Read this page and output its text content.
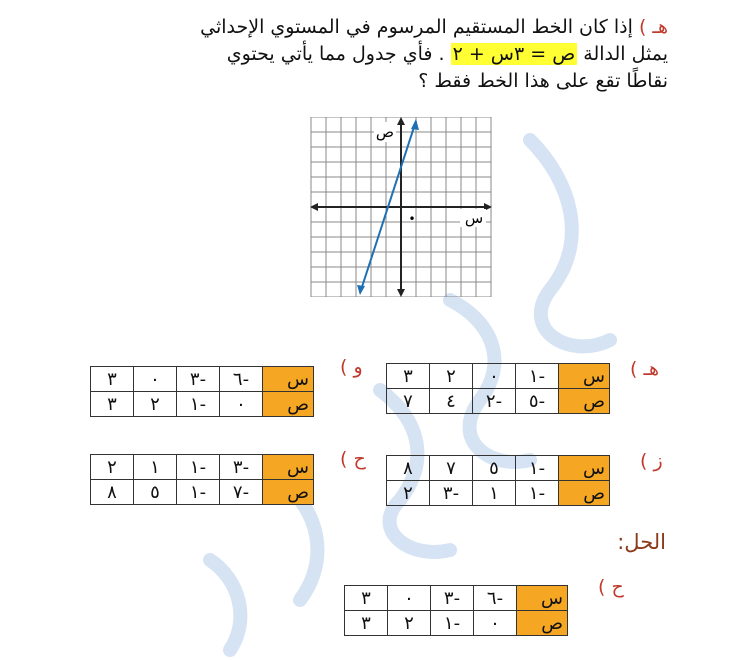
هـ ) إذا كان الخط المستقيم المرسوم في المستوي الإحداثي
يمثل الدالة ص = ٣س + ٢ . فأي جدول مما يأتي يحتوي
نقاطًا تقع على هذا الخط فقط ؟
ص
س
•
هـ )
س	-١	٠	٢	٣
ص	-٥	-٢	٤	٧
و )
س	-٦	-٣	٠	٣
ص	٠	-١	٢	٣
ز )
س	-١	٥	٧	٨
ص	-١	١	-٣	٢
ح )
س	-٣	-١	١	٢
ص	-٧	-١	٥	٨
الحل:
ح )
س	-٦	-٣	٠	٣
ص	٠	-١	٢	٣
